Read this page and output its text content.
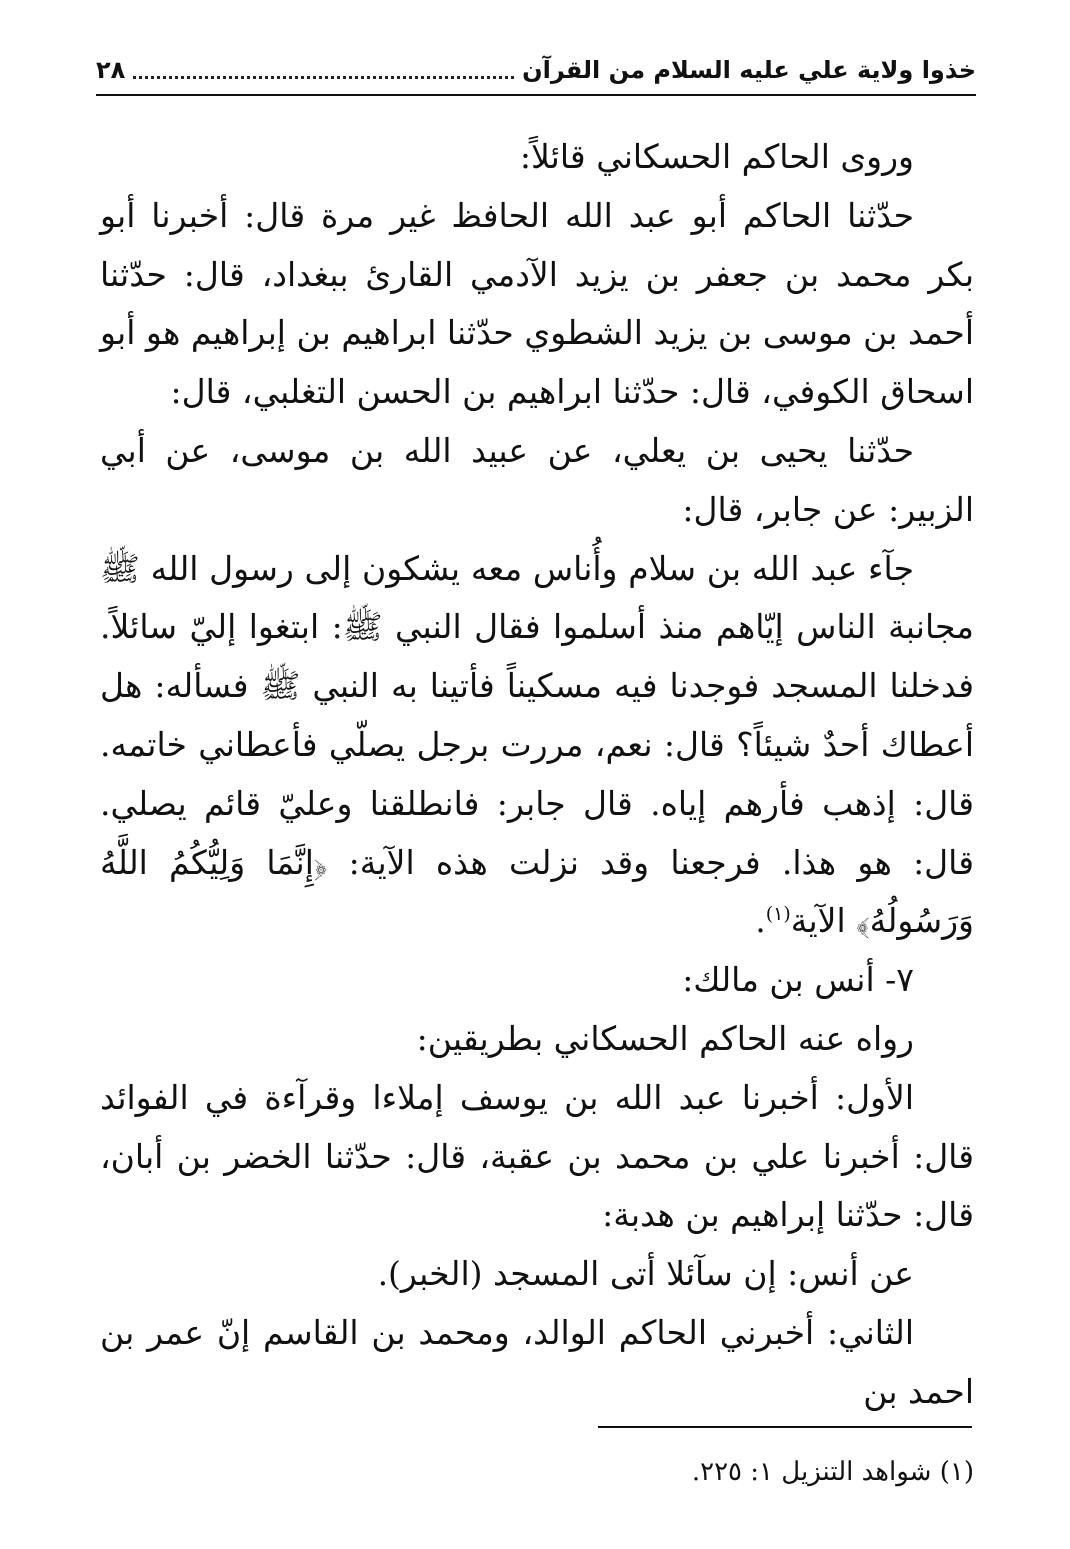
خذوا ولاية علي عليه السلام من القرآن
٢٨

وروى الحاكم الحسكاني قائلاً:

حدّثنا الحاكم أبو عبد الله الحافظ غير مرة قال: أخبرنا أبو بكر محمد بن جعفر بن يزيد الآدمي القارئ ببغداد، قال: حدّثنا أحمد بن موسى بن يزيد الشطوي حدّثنا ابراهيم بن إبراهيم هو أبو اسحاق الكوفي، قال: حدّثنا ابراهيم بن الحسن التغلبي، قال:

حدّثنا يحيى بن يعلي، عن عبيد الله بن موسى، عن أبي الزبير: عن جابر، قال:

جآء عبد الله بن سلام وأُناس معه يشكون إلى رسول الله ﷺ مجانبة الناس إيّاهم منذ أسلموا فقال النبي ﷺ: ابتغوا إليّ سائلاً. فدخلنا المسجد فوجدنا فيه مسكيناً فأتينا به النبي ﷺ فسأله: هل أعطاك أحدٌ شيئاً؟ قال: نعم، مررت برجل يصلّي فأعطاني خاتمه. قال: إذهب فأرهم إياه. قال جابر: فانطلقنا وعليّ قائم يصلي. قال: هو هذا. فرجعنا وقد نزلت هذه الآية: ﴿إِنَّمَا وَلِيُّكُمُ اللَّهُ وَرَسُولُهُ﴾ الآية$^{(١)}$.

٧- أنس بن مالك:

رواه عنه الحاكم الحسكاني بطريقين:

الأول: أخبرنا عبد الله بن يوسف إملاءا وقرآءة في الفوائد قال: أخبرنا علي بن محمد بن عقبة، قال: حدّثنا الخضر بن أبان، قال: حدّثنا إبراهيم بن هدبة:

عن أنس: إن سآئلا أتى المسجد (الخبر).

الثاني: أخبرني الحاكم الوالد، ومحمد بن القاسم إنّ عمر بن احمد بن

(١) شواهد التنزيل ١: ٢٢٥.
